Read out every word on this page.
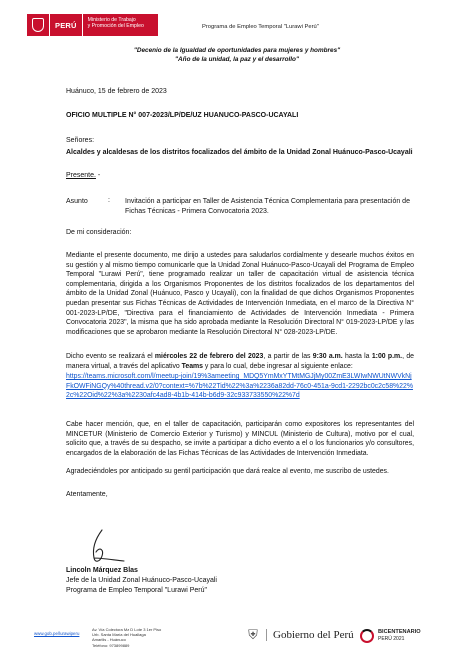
PERÚ
Ministerio de Trabajo
y Promoción del Empleo	Programa de Empleo Temporal "Lurawi Perú"
"Decenio de la Igualdad de oportunidades para mujeres y hombres"
"Año de la unidad, la paz y el desarrollo"
Huánuco, 15 de febrero de 2023
OFICIO MULTIPLE N° 007-2023/LP/DE/UZ HUANUCO-PASCO-UCAYALI
Señores:
Alcaldes y alcaldesas de los distritos focalizados del ámbito de la Unidad Zonal Huánuco-Pasco-Ucayali
Presente. -
Asunto	: Invitación a participar en Taller de Asistencia Técnica Complementaria para presentación de Fichas Técnicas - Primera Convocatoria 2023.
De mi consideración:
Mediante el presente documento, me dirijo a ustedes para saludarlos cordialmente y desearle muchos éxitos en su gestión y al mismo tiempo comunicarle que la Unidad Zonal Huánuco-Pasco-Ucayali del Programa de Empleo Temporal "Lurawi Perú", tiene programado realizar un taller de capacitación virtual de asistencia técnica complementaria, dirigida a los Organismos Proponentes de los distritos focalizados de los departamentos del ámbito de la Unidad Zonal (Huánuco, Pasco y Ucayali), con la finalidad de que dichos Organismos Proponentes puedan presentar sus Fichas Técnicas de Actividades de Intervención Inmediata, en el marco de la Directiva N° 001-2023-LP/DE, "Directiva para el financiamiento de Actividades de Intervención Inmediata - Primera Convocatoria 2023", la misma que ha sido aprobada mediante la Resolución Directoral N° 019-2023-LP/DE y las modificaciones que se aprobaron mediante la Resolución Directoral N° 028-2023-LP/DE.
Dicho evento se realizará el miércoles 22 de febrero del 2023, a partir de las 9:30 a.m. hasta la 1:00 p.m., de manera virtual, a través del aplicativo Teams y para lo cual, debe ingresar al siguiente enlace:
https://teams.microsoft.com/l/meetup-join/19%3ameeting_MDQ5YmMxYTMtMGJjMy00ZmE3LWIwNWUtNWVkNjFkOWFiNGQy%40thread.v2/0?context=%7b%22Tid%22%3a%2236a82dd-76c0-451a-9cd1-2292bc0c2c58%22%2c%22Oid%22%3a%2230afc4ad8-4b1b-414b-b6d9-32c933733550%22%7d
Cabe hacer mención, que, en el taller de capacitación, participarán como expositores los representantes del MINCETUR (Ministerio de Comercio Exterior y Turismo) y MINCUL (Ministerio de Cultura), motivo por el cual, solicito que, a través de su despacho, se invite a participar a dicho evento a el o los funcionarios y/o consultores, encargados de la elaboración de las Fichas Técnicas de las Actividades de Intervención Inmediata.
Agradeciéndoles por anticipado su gentil participación que dará realce al evento, me suscribo de ustedes.
Atentamente,
Lincoln Márquez Blas
Jefe de la Unidad Zonal Huánuco-Pasco-Ucayali
Programa de Empleo Temporal "Lurawi Perú"
www.gob.pe/lurawiperu
Av. Vía Colectora Mz D Lote 3 1er Piso
Urb. Santa María del Huallaga
Amarilis - Huánuco
Teléfono: 973899889
⛨	Gobierno del Perú	BICENTENARIO
PERÚ 2021
